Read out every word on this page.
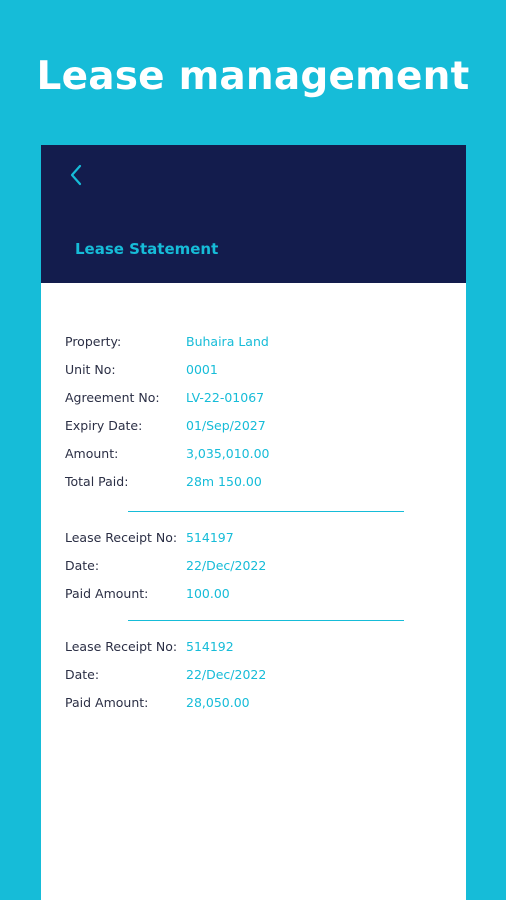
Lease management
Lease Statement
Property:	Buhaira Land
Unit No:	0001
Agreement No:	LV-22-01067
Expiry Date:	01/Sep/2027
Amount:	3,035,010.00
Total Paid:	28m 150.00
Lease Receipt No: 514197
Date:	22/Dec/2022
Paid Amount:	100.00
Lease Receipt No: 514192
Date:	22/Dec/2022
Paid Amount:	28,050.00
